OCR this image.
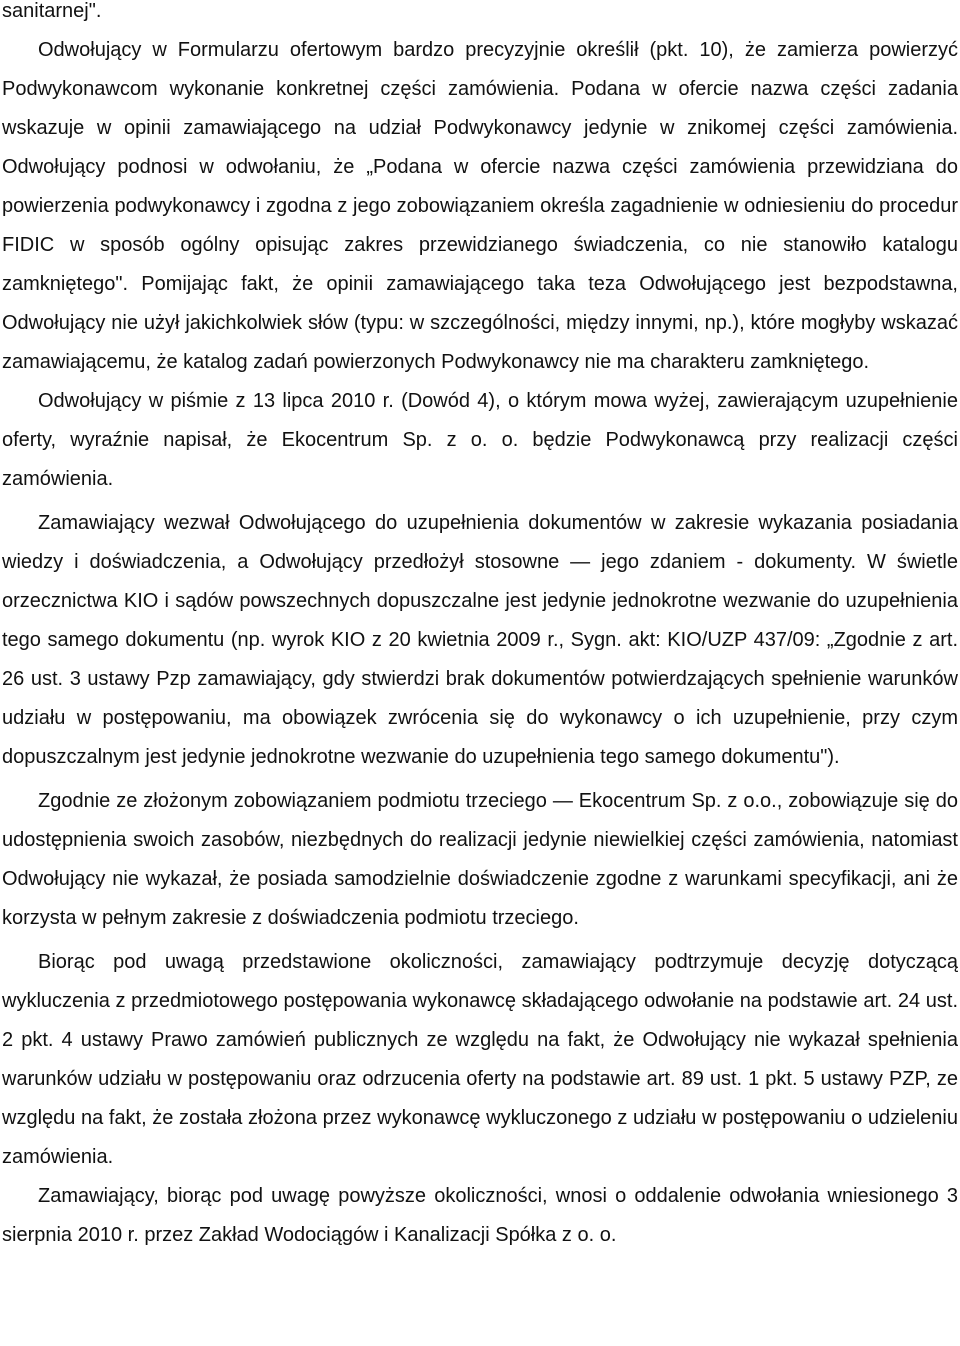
sanitarnej".

Odwołujący w Formularzu ofertowym bardzo precyzyjnie określił (pkt. 10), że zamierza powierzyć Podwykonawcom wykonanie konkretnej części zamówienia. Podana w ofercie nazwa części zadania wskazuje w opinii zamawiającego na udział Podwykonawcy jedynie w znikomej części zamówienia. Odwołujący podnosi w odwołaniu, że „Podana w ofercie nazwa części zamówienia przewidziana do powierzenia podwykonawcy i zgodna z jego zobowiązaniem określa zagadnienie w odniesieniu do procedur FIDIC w sposób ogólny opisując zakres przewidzianego świadczenia, co nie stanowiło katalogu zamkniętego". Pomijając fakt, że opinii zamawiającego taka teza Odwołującego jest bezpodstawna, Odwołujący nie użył jakichkolwiek słów (typu: w szczególności, między innymi, np.), które mogłyby wskazać zamawiającemu, że katalog zadań powierzonych Podwykonawcy nie ma charakteru zamkniętego.

Odwołujący w piśmie z 13 lipca 2010 r. (Dowód 4), o którym mowa wyżej, zawierającym uzupełnienie oferty, wyraźnie napisał, że Ekocentrum Sp. z o. o. będzie Podwykonawcą przy realizacji części zamówienia.

Zamawiający wezwał Odwołującego do uzupełnienia dokumentów w zakresie wykazania posiadania wiedzy i doświadczenia, a Odwołujący przedłożył stosowne — jego zdaniem - dokumenty. W świetle orzecznictwa KIO i sądów powszechnych dopuszczalne jest jedynie jednokrotne wezwanie do uzupełnienia tego samego dokumentu (np. wyrok KIO z 20 kwietnia 2009 r., Sygn. akt: KIO/UZP 437/09: „Zgodnie z art. 26 ust. 3 ustawy Pzp zamawiający, gdy stwierdzi brak dokumentów potwierdzających spełnienie warunków udziału w postępowaniu, ma obowiązek zwrócenia się do wykonawcy o ich uzupełnienie, przy czym dopuszczalnym jest jedynie jednokrotne wezwanie do uzupełnienia tego samego dokumentu").

Zgodnie ze złożonym zobowiązaniem podmiotu trzeciego — Ekocentrum Sp. z o.o., zobowiązuje się do udostępnienia swoich zasobów, niezbędnych do realizacji jedynie niewielkiej części zamówienia, natomiast Odwołujący nie wykazał, że posiada samodzielnie doświadczenie zgodne z warunkami specyfikacji, ani że korzysta w pełnym zakresie z doświadczenia podmiotu trzeciego.

Biorąc pod uwagą przedstawione okoliczności, zamawiający podtrzymuje decyzję dotyczącą wykluczenia z przedmiotowego postępowania wykonawcę składającego odwołanie na podstawie art. 24 ust. 2 pkt. 4 ustawy Prawo zamówień publicznych ze względu na fakt, że Odwołujący nie wykazał spełnienia warunków udziału w postępowaniu oraz odrzucenia oferty na podstawie art. 89 ust. 1 pkt. 5 ustawy PZP, ze względu na fakt, że została złożona przez wykonawcę wykluczonego z udziału w postępowaniu o udzieleniu zamówienia.

Zamawiający, biorąc pod uwagę powyższe okoliczności, wnosi o oddalenie odwołania wniesionego 3 sierpnia 2010 r. przez Zakład Wodociągów i Kanalizacji Spółka z o. o.
